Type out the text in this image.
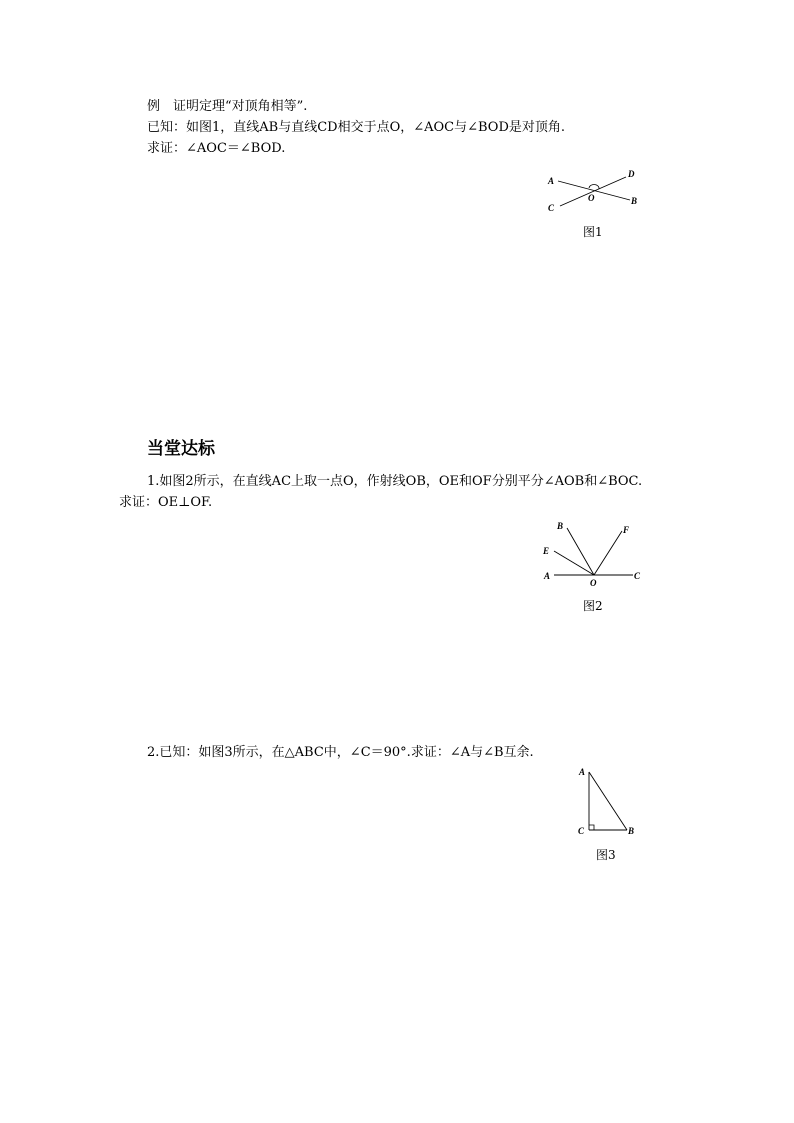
例　证明定理“对顶角相等”.
已知：如图1，直线AB与直线CD相交于点O，∠AOC与∠BOD是对顶角.
求证：∠AOC＝∠BOD.
A
B
C
D
O
图1
当堂达标
1.如图2所示，在直线AC上取一点O，作射线OB，OE和OF分别平分∠AOB和∠BOC.
求证：OE⊥OF.
A
B
C
E
F
O
图2
2.已知：如图3所示，在△ABC中，∠C＝90°.求证：∠A与∠B互余.
A
B
C
图3
